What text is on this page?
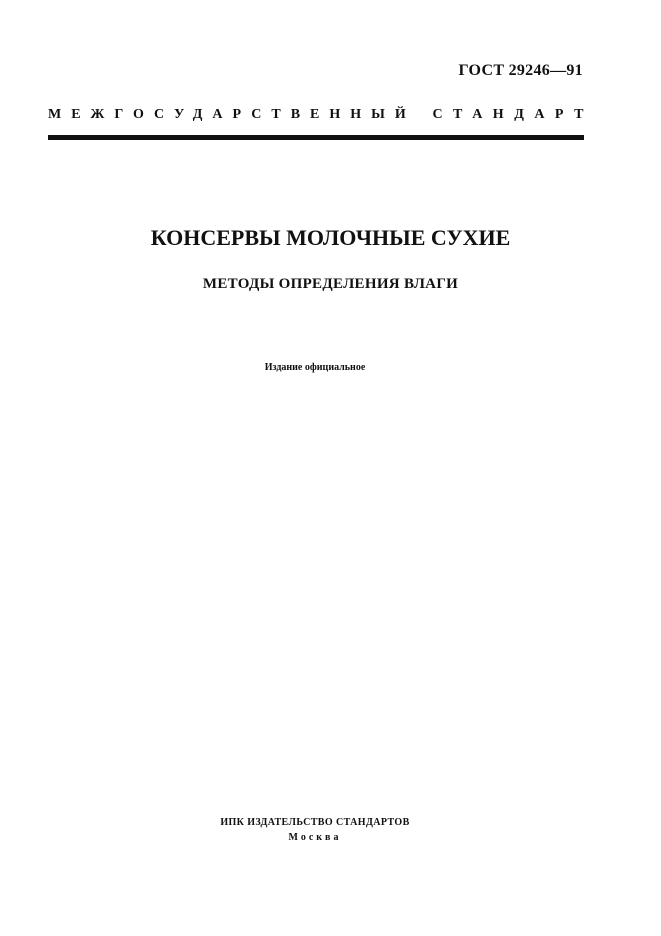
ГОСТ 29246—91
МЕЖГОСУДАРСТВЕННЫЙ СТАНДАРТ
КОНСЕРВЫ МОЛОЧНЫЕ СУХИЕ
МЕТОДЫ ОПРЕДЕЛЕНИЯ ВЛАГИ
Издание официальное
ИПК ИЗДАТЕЛЬСТВО СТАНДАРТОВ
Москва
